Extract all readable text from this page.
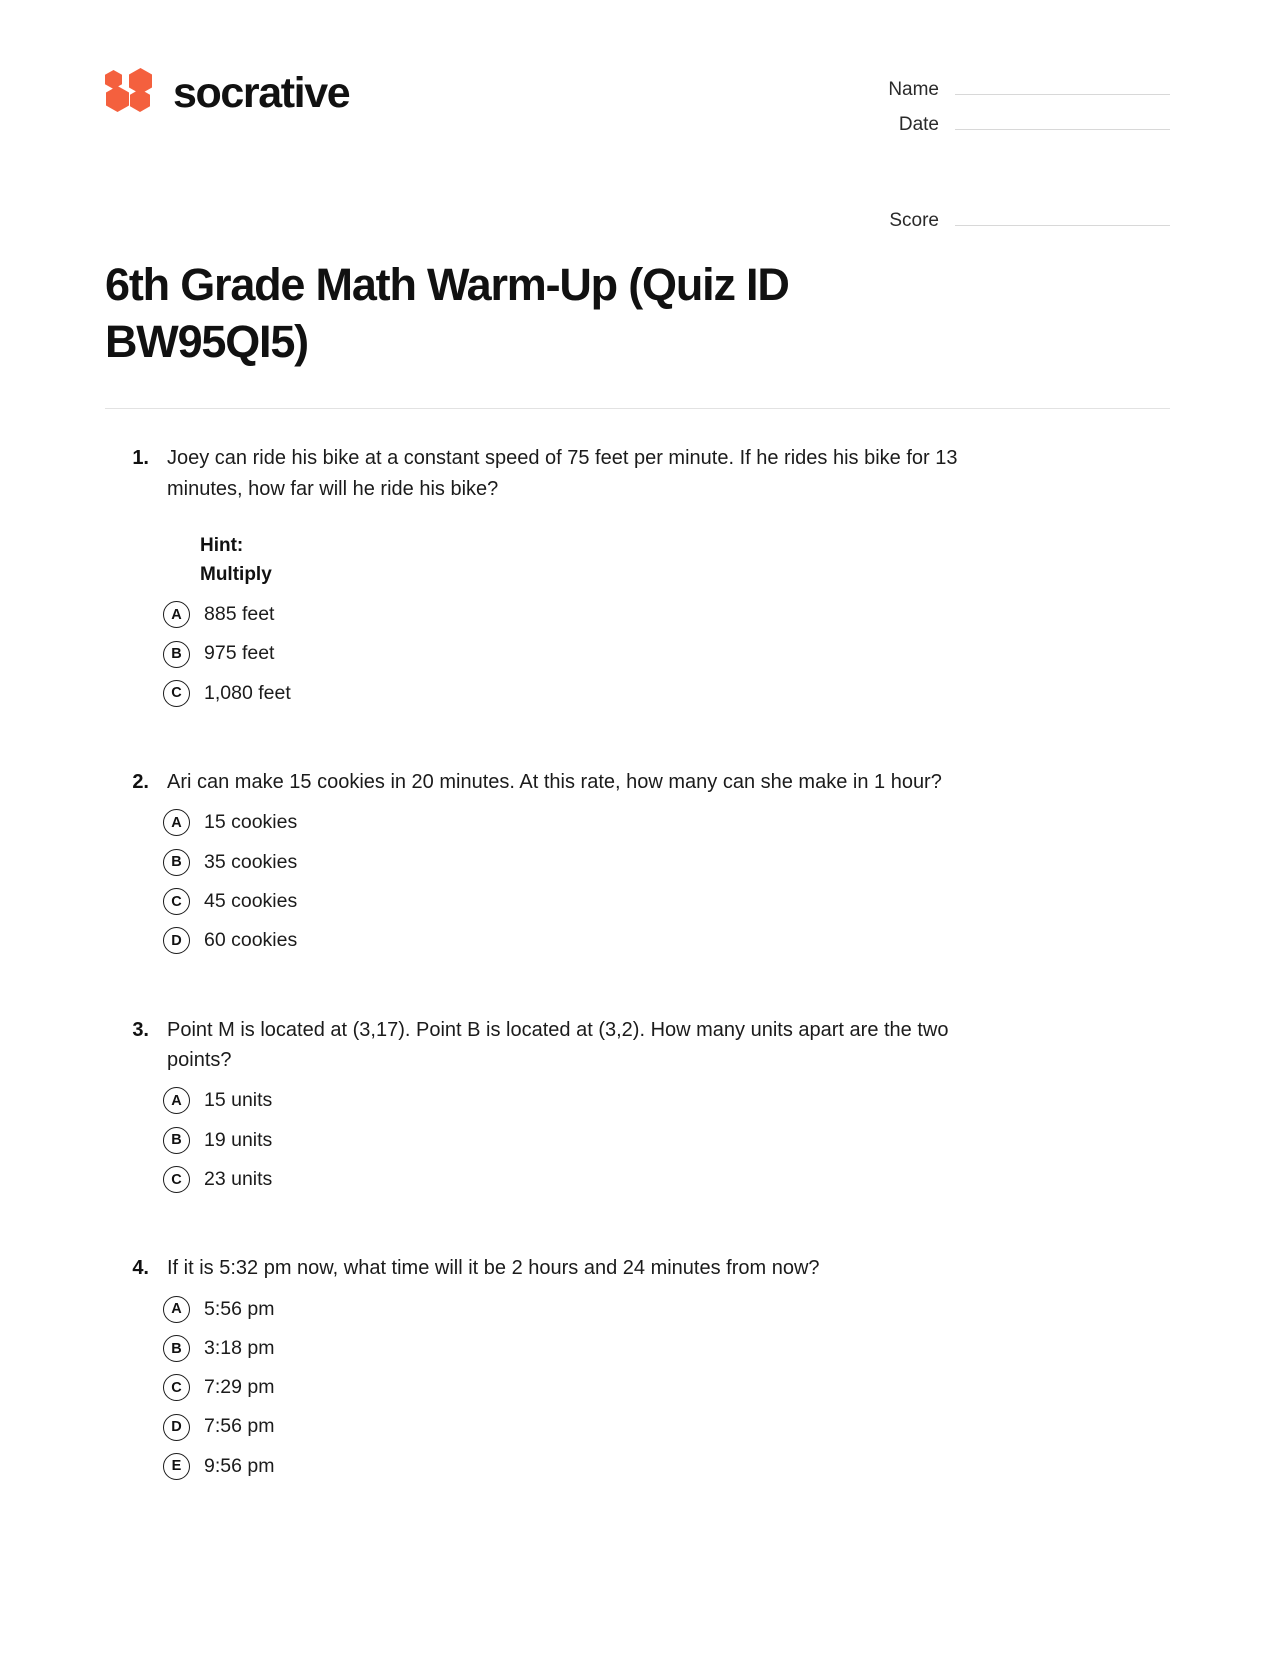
socrative	Name
Date
Score
6th Grade Math Warm-Up (Quiz ID BW95QI5)
1. Joey can ride his bike at a constant speed of 75 feet per minute. If he rides his bike for 13 minutes, how far will he ride his bike?
Hint:
Multiply
A	885 feet
B	975 feet
C	1,080 feet
2. Ari can make 15 cookies in 20 minutes. At this rate, how many can she make in 1 hour?
A	15 cookies
B	35 cookies
C	45 cookies
D	60 cookies
3. Point M is located at (3,17). Point B is located at (3,2). How many units apart are the two points?
A	15 units
B	19 units
C	23 units
4. If it is 5:32 pm now, what time will it be 2 hours and 24 minutes from now?
A	5:56 pm
B	3:18 pm
C	7:29 pm
D	7:56 pm
E	9:56 pm
